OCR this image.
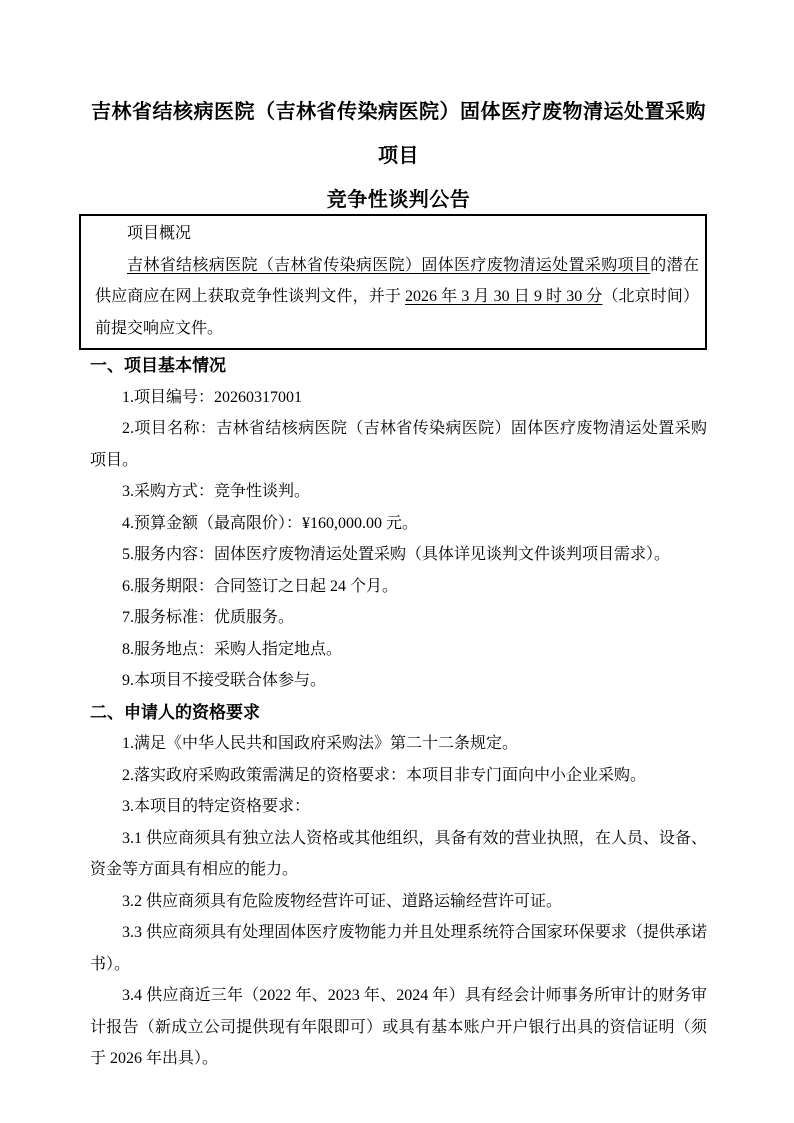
吉林省结核病医院（吉林省传染病医院）固体医疗废物清运处置采购项目
竞争性谈判公告

项目概况

吉林省结核病医院（吉林省传染病医院）固体医疗废物清运处置采购项目的潜在供应商应在网上获取竞争性谈判文件，并于 2026 年 3 月 30 日 9 时 30 分（北京时间）前提交响应文件。

一、项目基本情况

1.项目编号：20260317001

2.项目名称：吉林省结核病医院（吉林省传染病医院）固体医疗废物清运处置采购项目。

3.采购方式：竞争性谈判。

4.预算金额（最高限价）：¥160,000.00 元。

5.服务内容：固体医疗废物清运处置采购（具体详见谈判文件谈判项目需求）。

6.服务期限：合同签订之日起 24 个月。

7.服务标准：优质服务。

8.服务地点：采购人指定地点。

9.本项目不接受联合体参与。

二、申请人的资格要求

1.满足《中华人民共和国政府采购法》第二十二条规定。

2.落实政府采购政策需满足的资格要求：本项目非专门面向中小企业采购。

3.本项目的特定资格要求：

3.1 供应商须具有独立法人资格或其他组织，具备有效的营业执照，在人员、设备、资金等方面具有相应的能力。

3.2 供应商须具有危险废物经营许可证、道路运输经营许可证。

3.3 供应商须具有处理固体医疗废物能力并且处理系统符合国家环保要求（提供承诺书）。

3.4 供应商近三年（2022 年、2023 年、2024 年）具有经会计师事务所审计的财务审计报告（新成立公司提供现有年限即可）或具有基本账户开户银行出具的资信证明（须于 2026 年出具）。
